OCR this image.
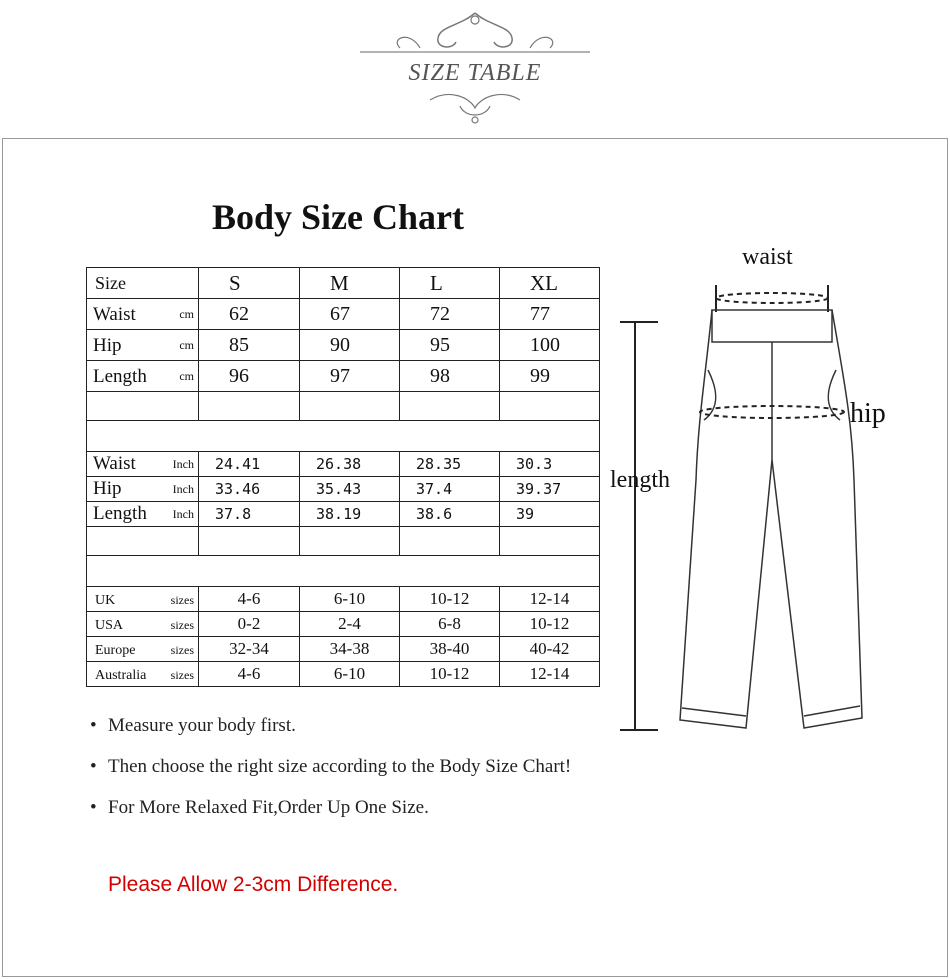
SIZE TABLE
Body Size Chart
Size	S	M	L	XL
Waist cm	62	67	72	77
Hip cm	85	90	95	100
Length cm	96	97	98	99

Waist Inch	24.41	26.38	28.35	30.3
Hip Inch	33.46	35.43	37.4	39.37
Length Inch	37.8	38.19	38.6	39

UK sizes	4-6	6-10	10-12	12-14
USA sizes	0-2	2-4	6-8	10-12
Europe sizes	32-34	34-38	38-40	40-42
Australia sizes	4-6	6-10	10-12	12-14
• Measure your body first.
• Then choose the right size according to the Body Size Chart!
• For More Relaxed Fit,Order Up One Size.
Please Allow 2-3cm Difference.
waist
hip
length
